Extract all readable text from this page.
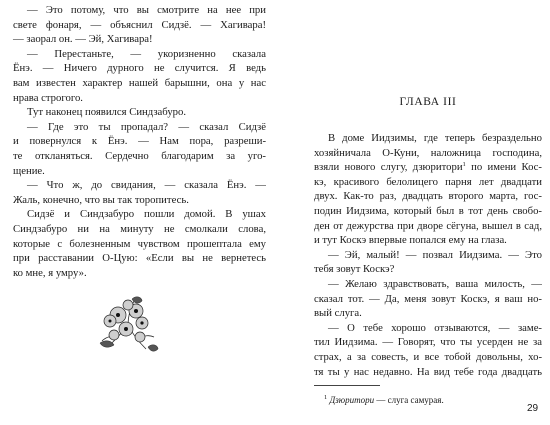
— Это потому, что вы смотрите на нее при
свете фонаря, — объяснил Сидзё. — Хагивара!
— заорал он. — Эй, Хагивара!
— Перестаньте, — укоризненно сказала
Ёнэ. — Ничего дурного не случится. Я ведь
вам известен характер нашей барышни, она у нас
нрава строгого.
Тут наконец появился Синдзабуро.
— Где это ты пропадал? — сказал Сидзё
и повернулся к Ёнэ. — Нам пора, разреши-
те откланяться. Сердечно благодарим за уго-
щение.
— Что ж, до свидания, — сказала Ёнэ. —
Жаль, конечно, что вы так торопитесь.
Сидзё и Синдзабуро пошли домой. В ушах
Синдзабуро ни на минуту не смолкали слова,
которые с болезненным чувством прошептала ему
при расставании О-Цую: «Если вы не вернетесь
ко мне, я умру».
ГЛАВА III
В доме Иидзимы, где теперь безраздельно
хозяйничала О-Куни, наложница господина,
взяли нового слугу, дзюритори$^1$ по имени Кос-
кэ, красивого белолицего парня лет двадцати
двух. Как-то раз, двадцать второго марта, гос-
подин Иидзима, который был в тот день свобо-
ден от дежурства при дворе сёгуна, вышел в сад,
и тут Коскэ впервые попался ему на глаза.
— Эй, малый! — позвал Иидзима. — Это
тебя зовут Коскэ?
— Желаю здравствовать, ваша милость, —
сказал тот. — Да, меня зовут Коскэ, я ваш но-
вый слуга.
— О тебе хорошо отзываются, — заме-
тил Иидзима. — Говорят, что ты усерден не за
страх, а за совесть, и все тобой довольны, хо-
тя ты у нас недавно. На вид тебе года двадцать
$^1$ Дзюритори — слуга самурая.
29
